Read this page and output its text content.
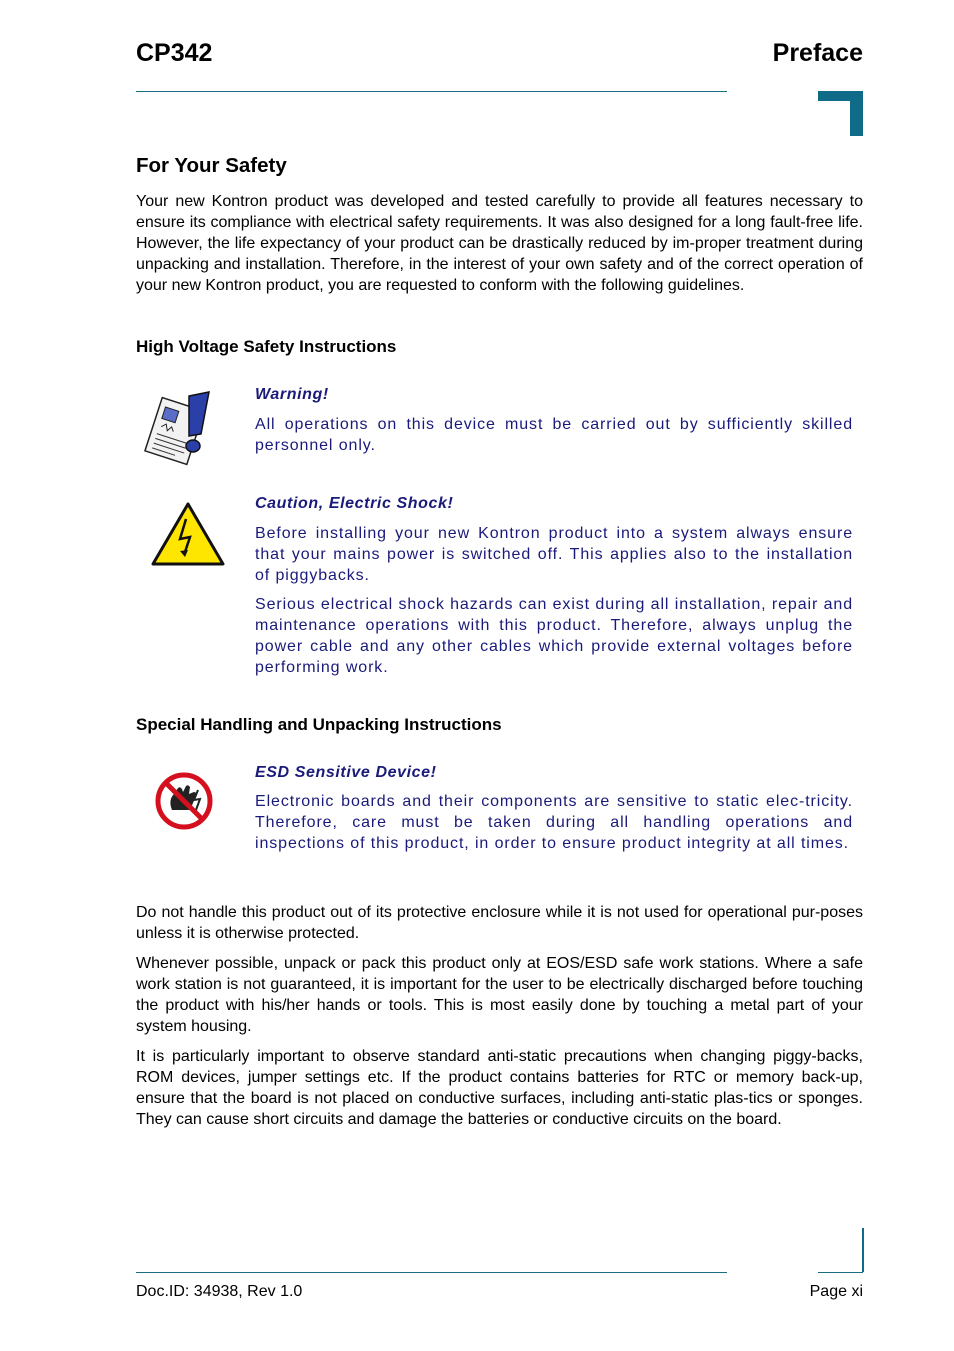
CP342	Preface
For Your Safety

Your new Kontron product was developed and tested carefully to provide all features necessary to ensure its compliance with electrical safety requirements. It was also designed for a long fault-free life. However, the life expectancy of your product can be drastically reduced by im-proper treatment during unpacking and installation. Therefore, in the interest of your own safety and of the correct operation of your new Kontron product, you are requested to conform with the following guidelines.

High Voltage Safety Instructions
Warning!

All operations on this device must be carried out by sufficiently skilled personnel only.

Caution, Electric Shock!

Before installing your new Kontron product into a system always ensure that your mains power is switched off. This applies also to the installation of piggybacks.

Serious electrical shock hazards can exist during all installation, repair and maintenance operations with this product. Therefore, always unplug the power cable and any other cables which provide external voltages before performing work.

Special Handling and Unpacking Instructions
ESD Sensitive Device!

Electronic boards and their components are sensitive to static elec-tricity. Therefore, care must be taken during all handling operations and inspections of this product, in order to ensure product integrity at all times.

Do not handle this product out of its protective enclosure while it is not used for operational pur-poses unless it is otherwise protected.

Whenever possible, unpack or pack this product only at EOS/ESD safe work stations. Where a safe work station is not guaranteed, it is important for the user to be electrically discharged before touching the product with his/her hands or tools. This is most easily done by touching a metal part of your system housing.

It is particularly important to observe standard anti-static precautions when changing piggy-backs, ROM devices, jumper settings etc. If the product contains batteries for RTC or memory back-up, ensure that the board is not placed on conductive surfaces, including anti-static plas-tics or sponges. They can cause short circuits and damage the batteries or conductive circuits on the board.

Doc.ID: 34938, Rev 1.0	Page xi
